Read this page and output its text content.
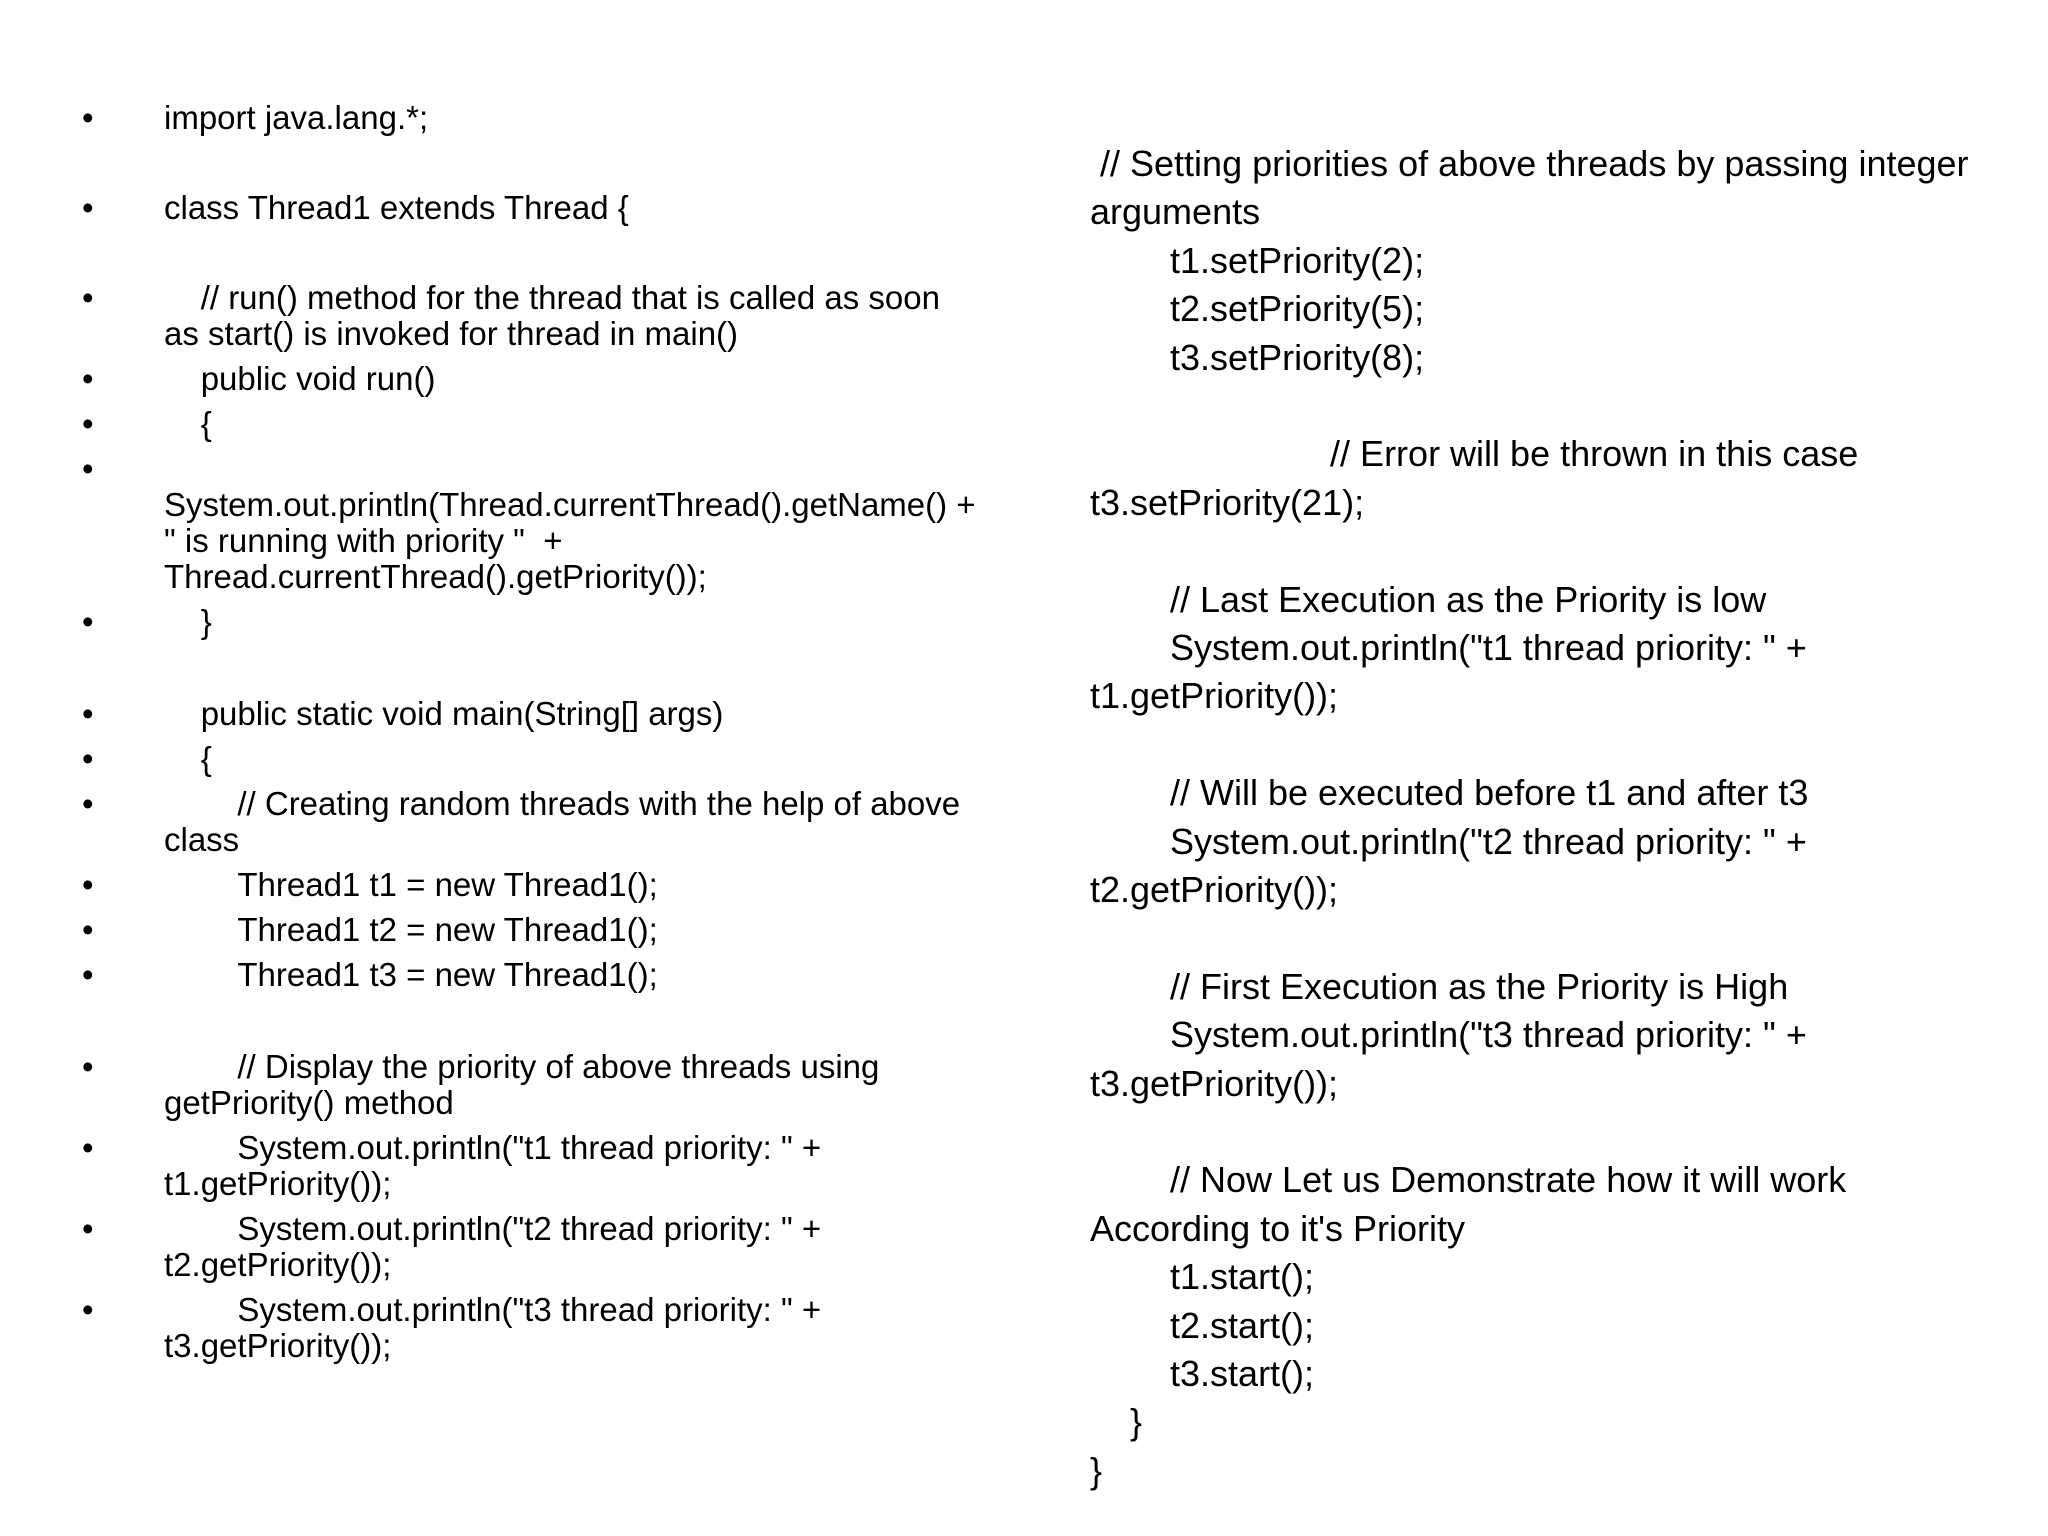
•	import java.lang.*;

•	class Thread1 extends Thread {

•	// run() method for the thread that is called as soon as start() is invoked for thread in main()

•	public void run()

•	{

•	System.out.println(Thread.currentThread().getName() + " is running with priority "  + Thread.currentThread().getPriority());

•	}

•	public static void main(String[] args)

•	{

•	// Creating random threads with the help of above class

•	Thread1 t1 = new Thread1();

•	Thread1 t2 = new Thread1();

•	Thread1 t3 = new Thread1();

•	// Display the priority of above threads using getPriority() method

•	System.out.println("t1 thread priority: " + t1.getPriority());

•	System.out.println("t2 thread priority: " + t2.getPriority());

•	System.out.println("t3 thread priority: " + t3.getPriority());

// Setting priorities of above threads by passing integer arguments

t1.setPriority(2);

t2.setPriority(5);

t3.setPriority(8);

// Error will be thrown in this case t3.setPriority(21);

// Last Execution as the Priority is low

System.out.println("t1 thread priority: " + t1.getPriority());

// Will be executed before t1 and after t3

System.out.println("t2 thread priority: " + t2.getPriority());

// First Execution as the Priority is High

System.out.println("t3 thread priority: " + t3.getPriority());

// Now Let us Demonstrate how it will work According to it's Priority

t1.start();

t2.start();

t3.start();

}

}
